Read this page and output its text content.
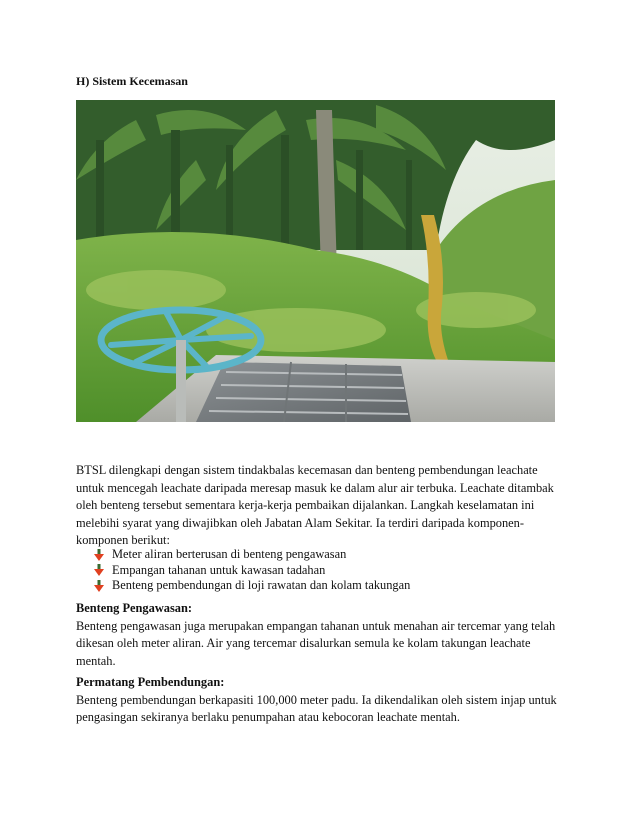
H) Sistem Kecemasan

BTSL dilengkapi dengan sistem tindakbalas kecemasan dan benteng pembendungan leachate

untuk mencegah leachate daripada meresap masuk ke dalam alur air terbuka. Leachate ditambak

oleh benteng tersebut sementara kerja-kerja pembaikan dijalankan. Langkah keselamatan ini

melebihi syarat yang diwajibkan oleh Jabatan Alam Sekitar. Ia terdiri daripada komponen-

komponen berikut:

Meter aliran berterusan di benteng pengawasan
Empangan tahanan untuk kawasan tadahan
Benteng pembendungan di loji rawatan dan kolam takungan

Benteng Pengawasan:

Benteng pengawasan juga merupakan empangan tahanan untuk menahan air tercemar yang telah

dikesan oleh meter aliran. Air yang tercemar disalurkan semula ke kolam takungan leachate

mentah.

Permatang Pembendungan:

Benteng pembendungan berkapasiti 100,000 meter padu. Ia dikendalikan oleh sistem injap untuk

pengasingan sekiranya berlaku penumpahan atau kebocoran leachate mentah.
